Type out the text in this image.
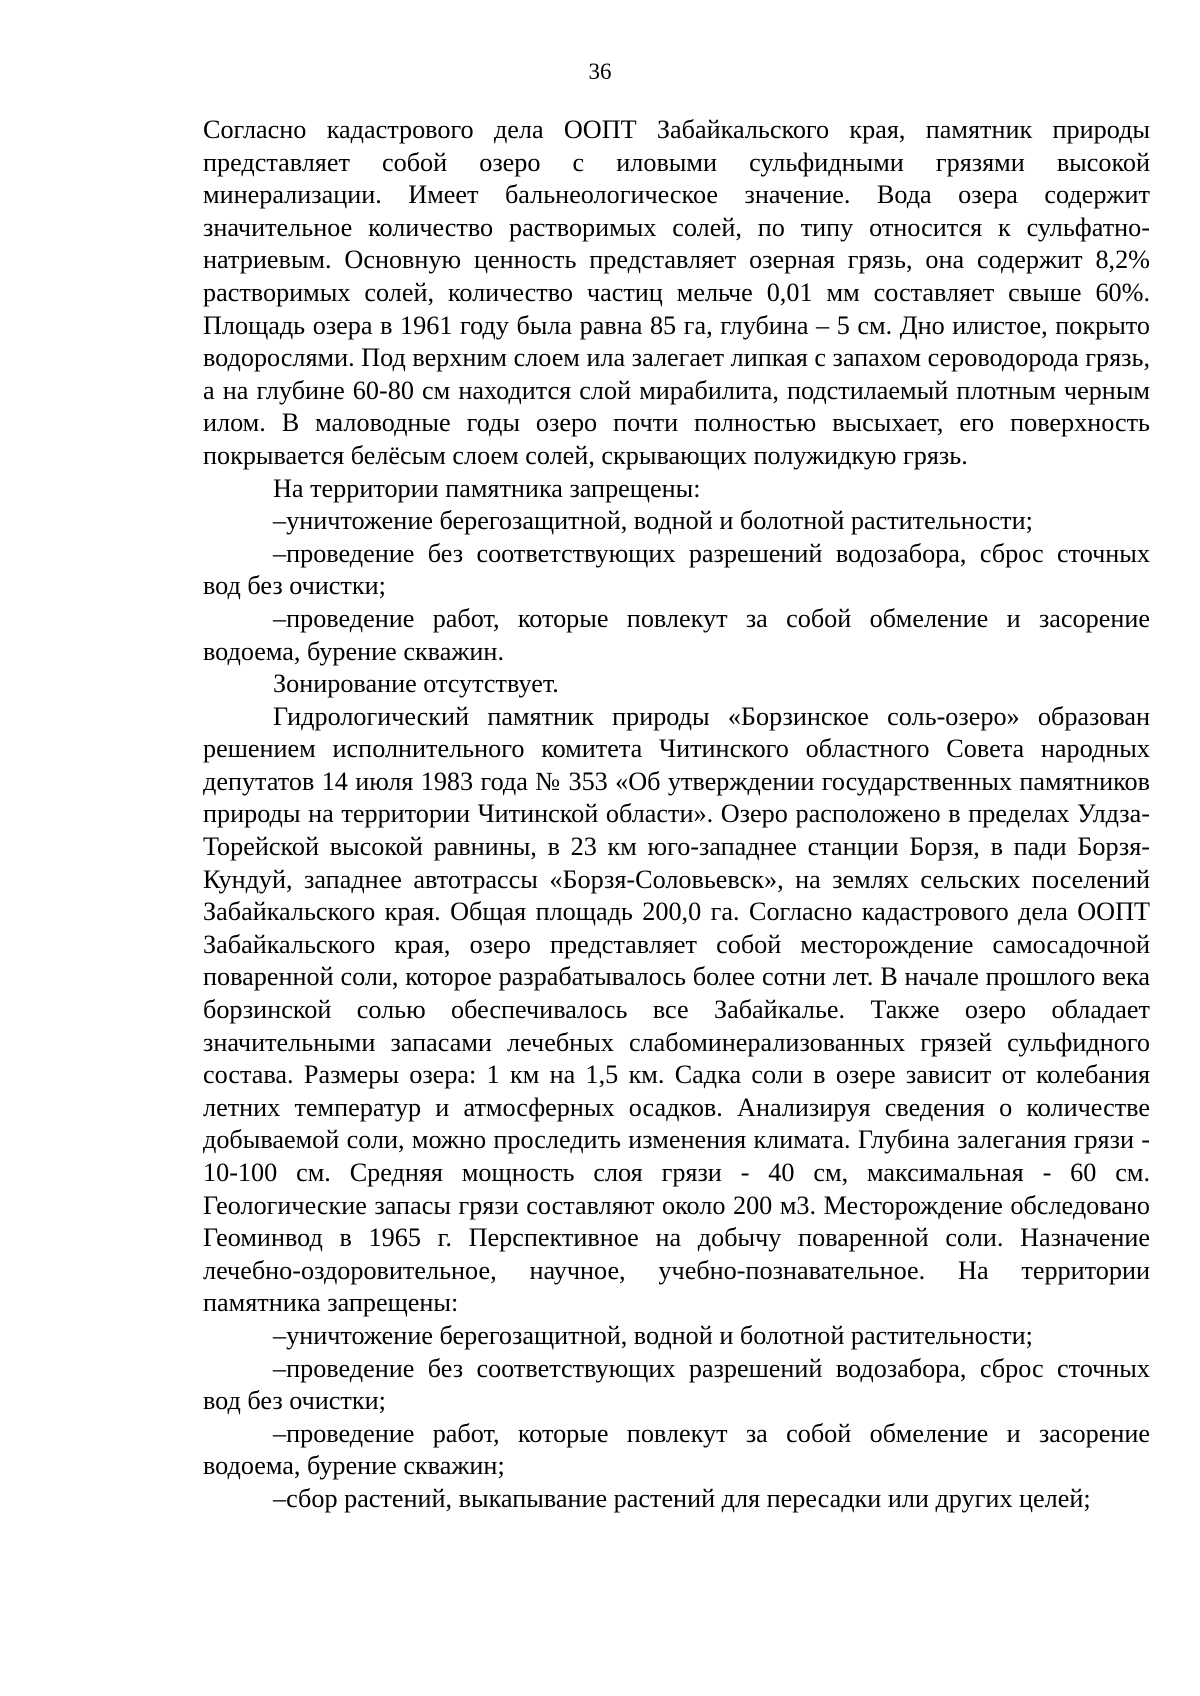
36

Согласно кадастрового дела ООПТ Забайкальского края, памятник природы представляет собой озеро с иловыми сульфидными грязями высокой минерализации. Имеет бальнеологическое значение. Вода озера содержит значительное количество растворимых солей, по типу относится к сульфатно-натриевым. Основную ценность представляет озерная грязь, она содержит 8,2% растворимых солей, количество частиц мельче 0,01 мм составляет свыше 60%. Площадь озера в 1961 году была равна 85 га, глубина – 5 см. Дно илистое, покрыто водорослями. Под верхним слоем ила залегает липкая с запахом сероводорода грязь, а на глубине 60-80 см находится слой мирабилита, подстилаемый плотным черным илом. В маловодные годы озеро почти полностью высыхает, его поверхность покрывается белёсым слоем солей, скрывающих полужидкую грязь.

На территории памятника запрещены:

–уничтожение берегозащитной, водной и болотной растительности;

–проведение без соответствующих разрешений водозабора, сброс сточных вод без очистки;

–проведение работ, которые повлекут за собой обмеление и засорение водоема, бурение скважин.

Зонирование отсутствует.

Гидрологический памятник природы «Борзинское соль-озеро» образован решением исполнительного комитета Читинского областного Совета народных депутатов 14 июля 1983 года № 353 «Об утверждении государственных памятников природы на территории Читинской области». Озеро расположено в пределах Улдза-Торейской высокой равнины, в 23 км юго-западнее станции Борзя, в пади Борзя-Кундуй, западнее автотрассы «Борзя-Соловьевск», на землях сельских поселений Забайкальского края. Общая площадь 200,0 га. Согласно кадастрового дела ООПТ Забайкальского края, озеро представляет собой месторождение самосадочной поваренной соли, которое разрабатывалось более сотни лет. В начале прошлого века борзинской солью обеспечивалось все Забайкалье. Также озеро обладает значительными запасами лечебных слабоминерализованных грязей сульфидного состава. Размеры озера: 1 км на 1,5 км. Садка соли в озере зависит от колебания летних температур и атмосферных осадков. Анализируя сведения о количестве добываемой соли, можно проследить изменения климата. Глубина залегания грязи - 10-100 см. Средняя мощность слоя грязи - 40 см, максимальная - 60 см. Геологические запасы грязи составляют около 200 м3. Месторождение обследовано Геоминвод в 1965 г. Перспективное на добычу поваренной соли. Назначение лечебно-оздоровительное, научное, учебно-познавательное. На территории памятника запрещены:

–уничтожение берегозащитной, водной и болотной растительности;

–проведение без соответствующих разрешений водозабора, сброс сточных вод без очистки;

–проведение работ, которые повлекут за собой обмеление и засорение водоема, бурение скважин;

–сбор растений, выкапывание растений для пересадки или других целей;
